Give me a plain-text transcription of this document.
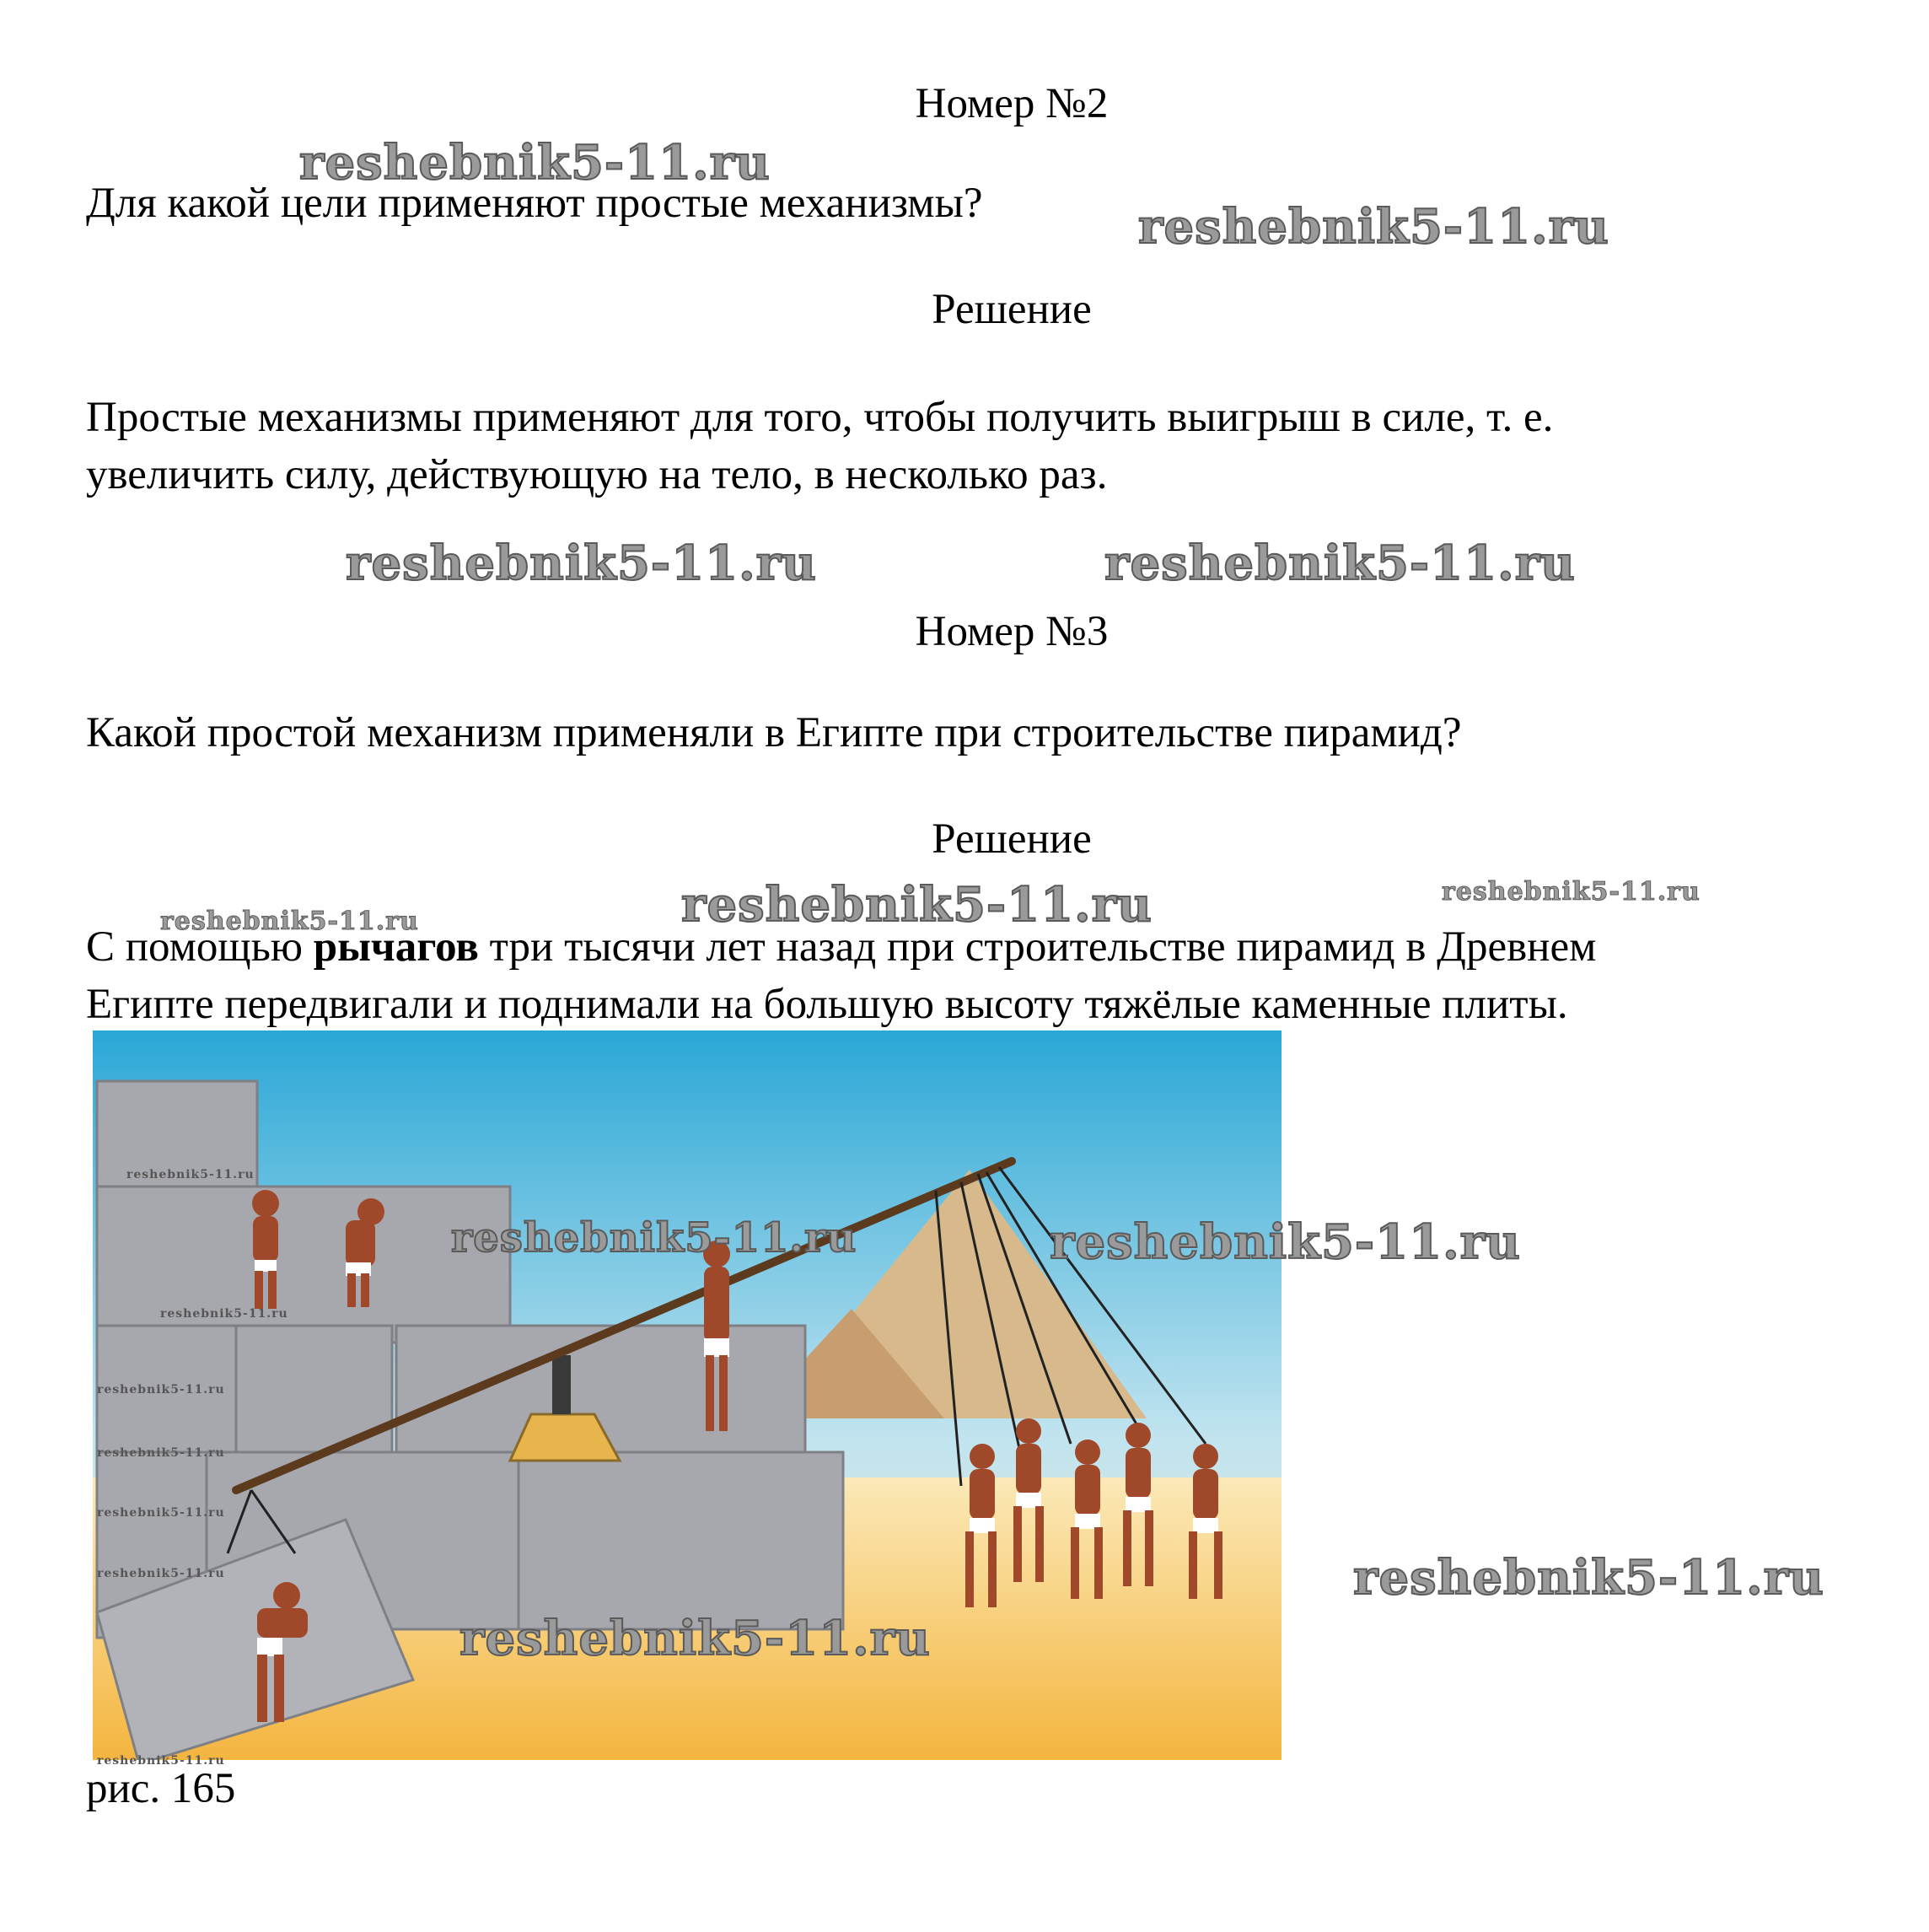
Номер №2
Для какой цели применяют простые механизмы?
Решение
Простые механизмы применяют для того, чтобы получить выигрыш в силе, т. е.
увеличить силу, действующую на тело, в несколько раз.
Номер №3
Какой простой механизм применяли в Египте при строительстве пирамид?
Решение
С помощью рычагов три тысячи лет назад при строительстве пирамид в Древнем
Египте передвигали и поднимали на большую высоту тяжёлые каменные плиты.
рис. 165
reshebnik5-11.ru
reshebnik5-11.ru
reshebnik5-11.ru	reshebnik5-11.ru
reshebnik5-11.ru
reshebnik5-11.ru
reshebnik5-11.ru
reshebnik5-11.ru	reshebnik5-11.ru
reshebnik5-11.ru
reshebnik5-11.ru
reshebnik5-11.ru
reshebnik5-11.ru
reshebnik5-11.ru
reshebnik5-11.ru
reshebnik5-11.ru
reshebnik5-11.ru
reshebnik5-11.ru
